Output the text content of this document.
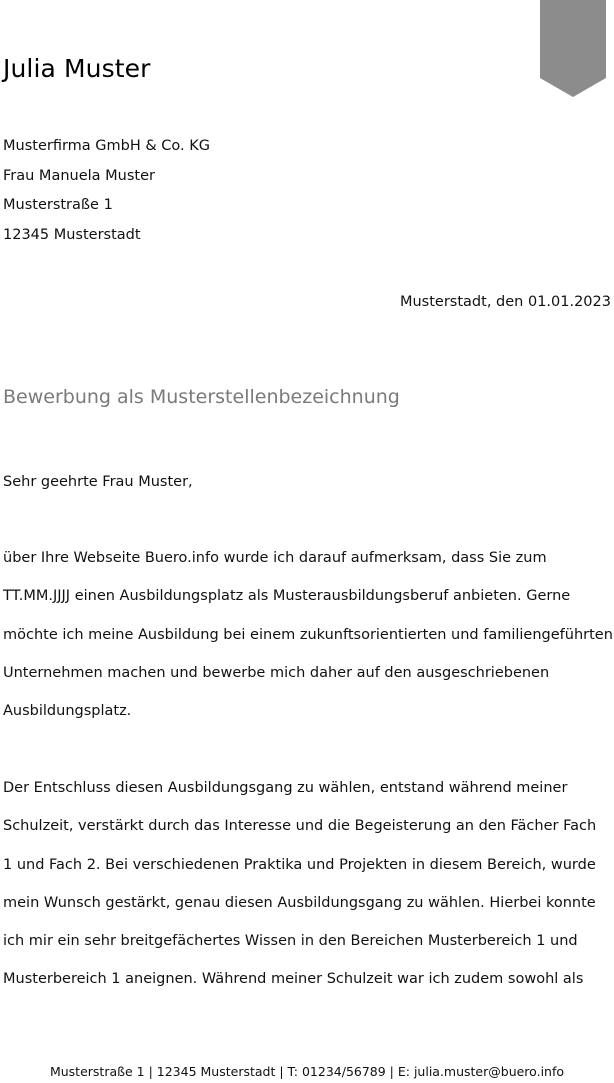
Julia Muster
Musterfirma GmbH & Co. KG
Frau Manuela Muster
Musterstraße 1
12345 Musterstadt
Musterstadt, den 01.01.2023
Bewerbung als Musterstellenbezeichnung
Sehr geehrte Frau Muster,
über Ihre Webseite Buero.info wurde ich darauf aufmerksam, dass Sie zum
TT.MM.JJJJ einen Ausbildungsplatz als Musterausbildungsberuf anbieten. Gerne
möchte ich meine Ausbildung bei einem zukunftsorientierten und familiengeführten
Unternehmen machen und bewerbe mich daher auf den ausgeschriebenen
Ausbildungsplatz.
Der Entschluss diesen Ausbildungsgang zu wählen, entstand während meiner
Schulzeit, verstärkt durch das Interesse und die Begeisterung an den Fächer Fach
1 und Fach 2. Bei verschiedenen Praktika und Projekten in diesem Bereich, wurde
mein Wunsch gestärkt, genau diesen Ausbildungsgang zu wählen. Hierbei konnte
ich mir ein sehr breitgefächertes Wissen in den Bereichen Musterbereich 1 und
Musterbereich 1 aneignen. Während meiner Schulzeit war ich zudem sowohl als
Musterstraße 1 | 12345 Musterstadt | T: 01234/56789 | E: julia.muster@buero.info
